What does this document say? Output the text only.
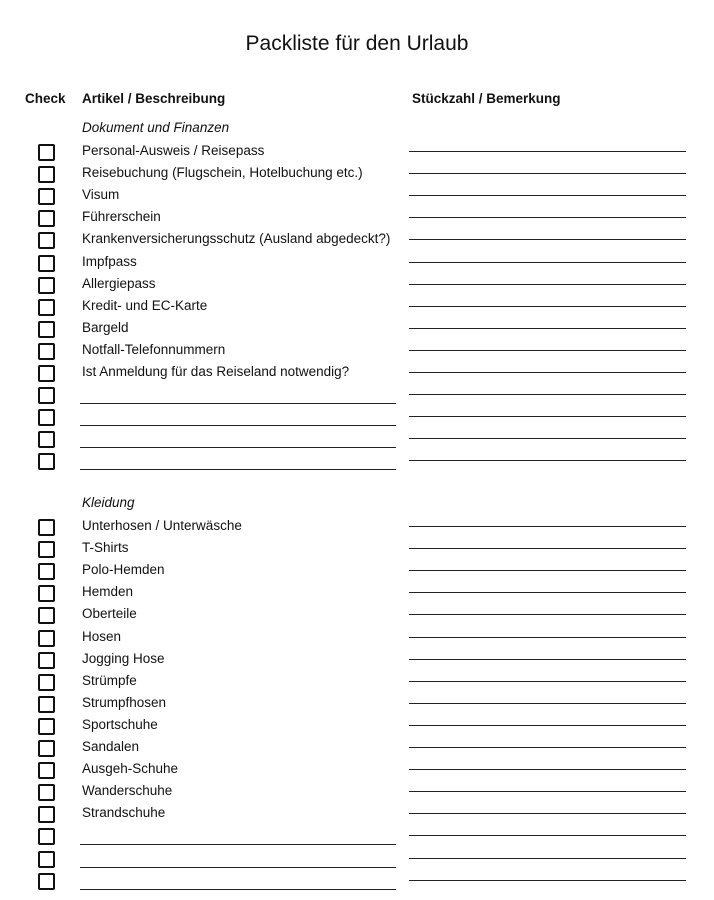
Packliste für den Urlaub
Check Artikel / Beschreibung	Stückzahl / Bemerkung
Dokument und Finanzen
Personal-Ausweis / Reisepass
Reisebuchung (Flugschein, Hotelbuchung etc.)
Visum
Führerschein
Krankenversicherungsschutz (Ausland abgedeckt?)
Impfpass
Allergiepass
Kredit- und EC-Karte
Bargeld
Notfall-Telefonnummern
Ist Anmeldung für das Reiseland notwendig?
Kleidung
Unterhosen / Unterwäsche
T-Shirts
Polo-Hemden
Hemden
Oberteile
Hosen
Jogging Hose
Strümpfe
Strumpfhosen
Sportschuhe
Sandalen
Ausgeh-Schuhe
Wanderschuhe
Strandschuhe
